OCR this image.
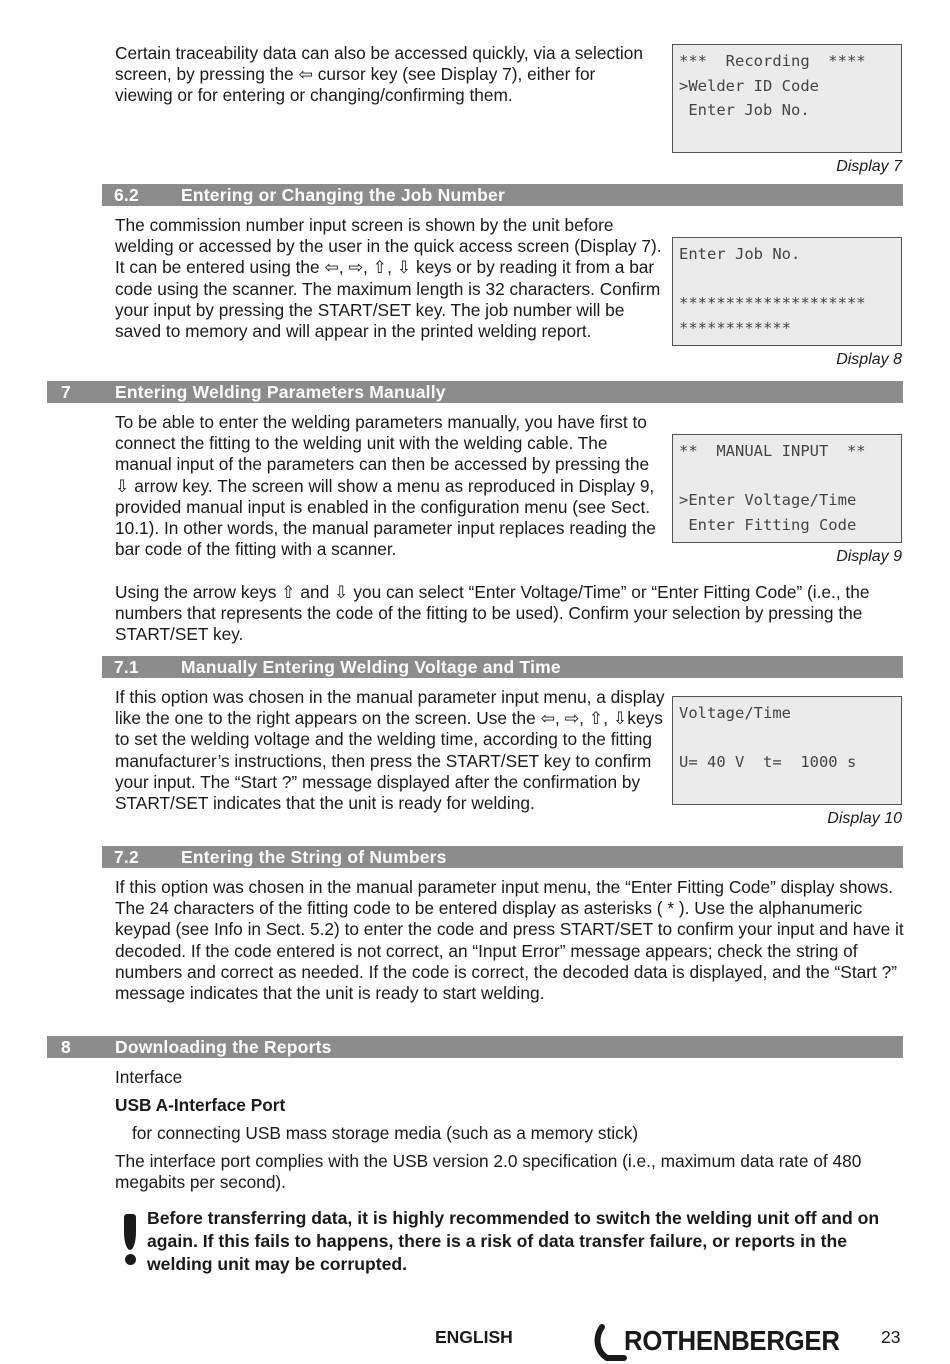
Certain traceability data can also be accessed quickly, via a selection screen, by pressing the ⇦ cursor key (see Display 7), either for viewing or for entering or changing/confirming them.

***  Recording  ****
>Welder ID Code
Enter Job No.
Display 7
6.2 Entering or Changing the Job Number

The commission number input screen is shown by the unit before welding or accessed by the user in the quick access screen (Display 7). It can be entered using the ⇦, ⇨, ⇧, ⇩ keys or by reading it from a bar code using the scanner. The maximum length is 32 characters. Confirm your input by pressing the START/SET key. The job number will be saved to memory and will appear in the printed welding report.

Enter Job No.

********************
************
Display 8
7	Entering Welding Parameters Manually

To be able to enter the welding parameters manually, you have first to connect the fitting to the welding unit with the welding cable. The manual input of the parameters can then be accessed by pressing the ⇩ arrow key. The screen will show a menu as reproduced in Display 9, provided manual input is enabled in the configuration menu (see Sect. 10.1). In other words, the manual parameter input replaces reading the bar code of the fitting with a scanner.

**  MANUAL INPUT  **

>Enter Voltage/Time
Enter Fitting Code
Display 9

Using the arrow keys ⇧ and ⇩ you can select “Enter Voltage/Time” or “Enter Fitting Code” (i.e., the numbers that represents the code of the fitting to be used). Confirm your selection by pressing the START/SET key.

7.1 Manually Entering Welding Voltage and Time

If this option was chosen in the manual parameter input menu, a display like the one to the right appears on the screen. Use the ⇦, ⇨, ⇧, ⇩keys to set the welding voltage and the welding time, according to the fitting manufacturer’s instructions, then press the START/SET key to confirm your input. The “Start ?” message displayed after the confirmation by START/SET indicates that the unit is ready for welding.

Voltage/Time

U= 40 V  t=  1000 s
Display 10
7.2 Entering the String of Numbers

If this option was chosen in the manual parameter input menu, the “Enter Fitting Code” display shows. The 24 characters of the fitting code to be entered display as asterisks ( * ). Use the alphanumeric keypad (see Info in Sect. 5.2) to enter the code and press START/SET to confirm your input and have it decoded. If the code entered is not correct, an “Input Error” message appears; check the string of numbers and correct as needed. If the code is correct, the decoded data is displayed, and the “Start ?” message indicates that the unit is ready to start welding.

8	Downloading the Reports

Interface

USB A-Interface Port

for connecting USB mass storage media (such as a memory stick)

The interface port complies with the USB version 2.0 specification (i.e., maximum data rate of 480 megabits per second).

Before transferring data, it is highly recommended to switch the welding unit off and on again. If this fails to happens, there is a risk of data transfer failure, or reports in the welding unit may be corrupted.

ENGLISH	ROTHENBERGER 23
